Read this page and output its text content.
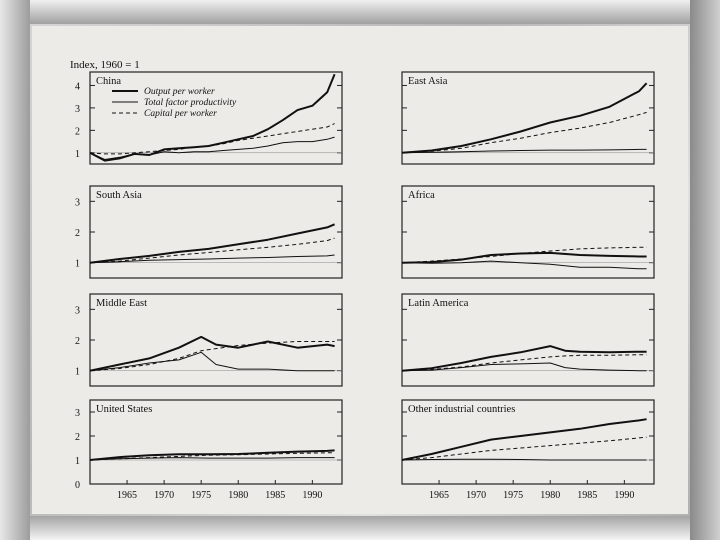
Index, 1960 = 1
China
1
2
3
4	East Asia
South Asia
1
2
3
Africa
Middle East
1
2
3
Latin America
United States
0
1
2
3
1965 1970 1975 1980 1985 1990
Other industrial countries
1965 1970 1975 1980 1985 1990
Output per worker
Total factor productivity
Capital per worker
